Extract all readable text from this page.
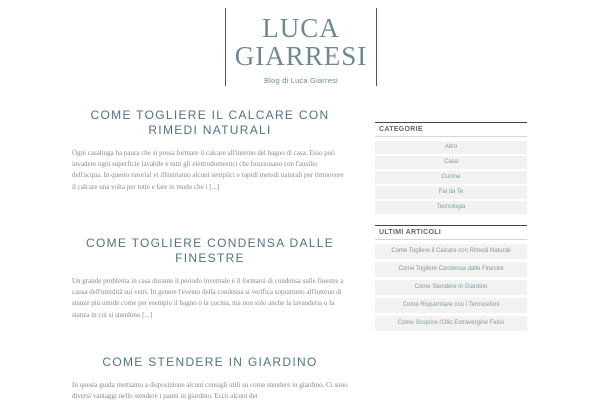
LUCA
GIARRESI
Blog di Luca Giarresi
COME TOGLIERE IL CALCARE CON RIMEDI NATURALI

Ogni casalinga ha paura che si possa formare il calcare all'interno del bagno di casa. Esso può invadere ogni superficie lavabile e tutti gli elettrodomestici che funzionano con l'ausilio dell'acqua. In questo tutorial vi illustriamo alcuni semplici e rapidi metodi naturali per rimuovere il calcare una volta per tutte e fare in modo che i [...]

COME TOGLIERE CONDENSA DALLE FINESTRE

Un grande problema in casa durante il periodo invernale è il formarsi di condensa sulle finestre a causa dell'umidità sui vetri. In genere l'evento della condensa si verifica soprattutto all'interno di stanze più umide come per esempio il bagno o la cucina, ma non solo anche la lavanderia o la stanza in cui si stendono [...]

COME STENDERE IN GIARDINO

In questa guida mettiamo a disposizione alcuni consigli utili su come stendere in giardino. Ci sono diversi vantaggi nello stendere i panni in giardino. Ecco alcuni dei

CATEGORIE
Altro
Casa
Cucina
Fai da Te
Tecnologia
ULTIMI ARTICOLI
Come Togliere il Calcare con Rimedi Naturali
Come Togliere Condensa dalle Finestre
Come Stendere in Giardino
Come Risparmiare con i Termosifoni
Come Scoprire l'Olio Extravergine Falso
